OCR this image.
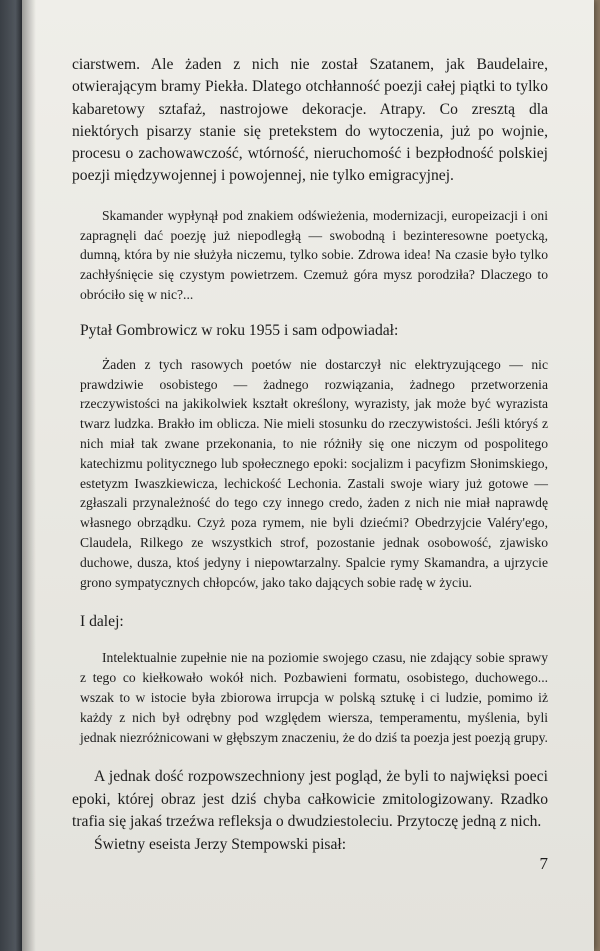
ciarstwem. Ale żaden z nich nie został Szatanem, jak Baudelaire, otwierającym bramy Piekła. Dlatego otchłanność poezji całej piątki to tylko kabaretowy sztafaż, nastrojowe dekoracje. Atrapy. Co zresztą dla niektórych pisarzy stanie się pretekstem do wytoczenia, już po wojnie, procesu o zachowawczość, wtórność, nieruchomość i bezpłodność polskiej poezji międzywojennej i powojennej, nie tylko emigracyjnej.

Skamander wypłynął pod znakiem odświeżenia, modernizacji, europeizacji i oni zapragnęli dać poezję już niepodległą — swobodną i bezinteresowne poetycką, dumną, która by nie służyła niczemu, tylko sobie. Zdrowa idea! Na czasie było tylko zachłyśnięcie się czystym powietrzem. Czemuż góra mysz porodziła? Dlaczego to obróciło się w nic?...

Pytał Gombrowicz w roku 1955 i sam odpowiadał:

Żaden z tych rasowych poetów nie dostarczył nic elektryzującego — nic prawdziwie osobistego — żadnego rozwiązania, żadnego przetworzenia rzeczywistości na jakikolwiek kształt określony, wyrazisty, jak może być wyrazista twarz ludzka. Brakło im oblicza. Nie mieli stosunku do rzeczywistości. Jeśli któryś z nich miał tak zwane przekonania, to nie różniły się one niczym od pospolitego katechizmu politycznego lub społecznego epoki: socjalizm i pacyfizm Słonimskiego, estetyzm Iwaszkiewicza, lechickość Lechonia. Zastali swoje wiary już gotowe — zgłaszali przynależność do tego czy innego credo, żaden z nich nie miał naprawdę własnego obrządku. Czyż poza rymem, nie byli dziećmi? Obedrzyjcie Valéry'ego, Claudela, Rilkego ze wszystkich strof, pozostanie jednak osobowość, zjawisko duchowe, dusza, ktoś jedyny i niepowtarzalny. Spalcie rymy Skamandra, a ujrzycie grono sympatycznych chłopców, jako tako dających sobie radę w życiu.

I dalej:

Intelektualnie zupełnie nie na poziomie swojego czasu, nie zdający sobie sprawy z tego co kiełkowało wokół nich. Pozbawieni formatu, osobistego, duchowego... wszak to w istocie była zbiorowa irrupcja w polską sztukę i ci ludzie, pomimo iż każdy z nich był odrębny pod względem wiersza, temperamentu, myślenia, byli jednak niezróżnicowani w głębszym znaczeniu, że do dziś ta poezja jest poezją grupy.

A jednak dość rozpowszechniony jest pogląd, że byli to najwięksi poeci epoki, której obraz jest dziś chyba całkowicie zmitologizowany. Rzadko trafia się jakaś trzeźwa refleksja o dwudziestoleciu. Przytoczę jedną z nich.

Świetny eseista Jerzy Stempowski pisał:

7
